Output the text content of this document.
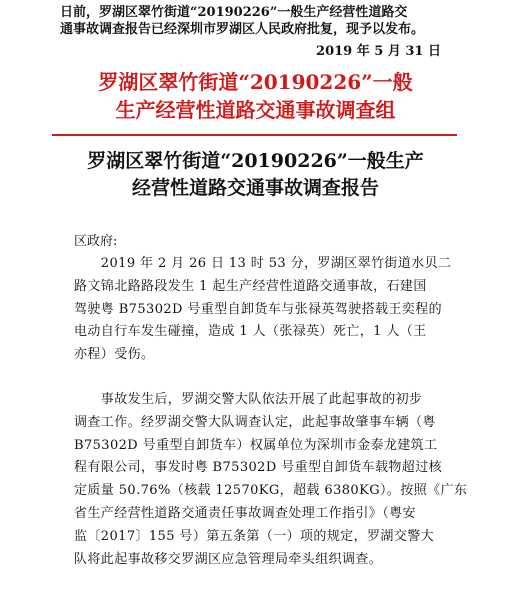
日前，罗湖区翠竹街道“20190226”一般生产经营性道路交

通事故调查报告已经深圳市罗湖区人民政府批复，现予以发布。

2019 年 5 月 31 日
罗湖区翠竹街道“20190226”一般
生产经营性道路交通事故调查组
罗湖区翠竹街道“20190226”一般生产
经营性道路交通事故调查报告
区政府:

　　2019 年 2 月 26 日 13 时 53 分，罗湖区翠竹街道水贝二

路文锦北路路段发生 1 起生产经营性道路交通事故，石建国

驾驶粤 B75302D 号重型自卸货车与张禄英驾驶搭载王奕程的

电动自行车发生碰撞，造成 1 人（张禄英）死亡，1 人（王

亦程）受伤。

　　事故发生后，罗湖交警大队依法开展了此起事故的初步

调查工作。经罗湖交警大队调查认定，此起事故肇事车辆（粤

B75302D 号重型自卸货车）权属单位为深圳市金泰龙建筑工

程有限公司，事发时粤 B75302D 号重型自卸货车载物超过核

定质量 50.76%（核载 12570KG，超载 6380KG）。按照《广东

省生产经营性道路交通责任事故调查处理工作指引》（粤安

监〔2017〕155 号）第五条第（一）项的规定，罗湖交警大

队将此起事故移交罗湖区应急管理局牵头组织调查。
